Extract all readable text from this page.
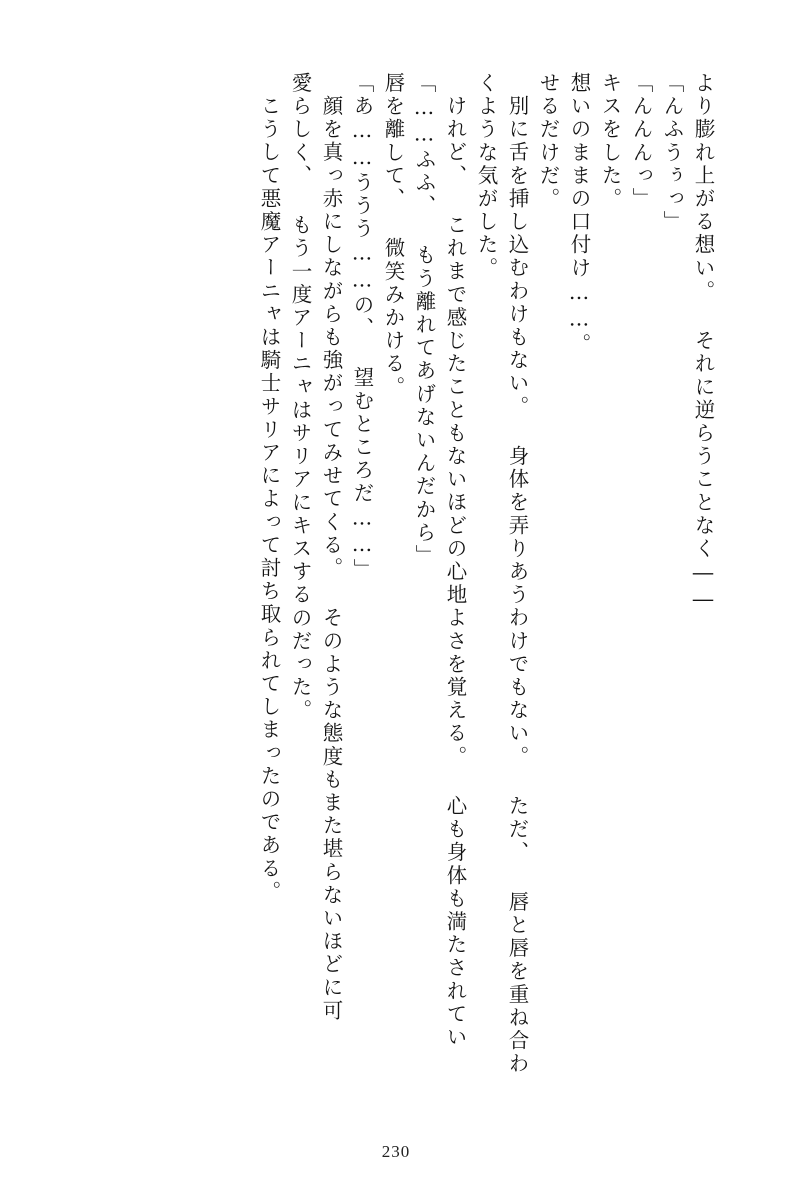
より膨れ上がる想い。 それに逆らうことなく――
「んふうぅっ」
「んんんっ」
キスをした。
想いのままの口付け……。
せるだけだ。
別に舌を挿し込むわけもない。 身体を弄りあうわけでもない。 ただ、 唇と唇を重ね合わ
くような気がした。
けれど、 これまで感じたこともないほどの心地よさを覚える。 心も身体も満たされてい
「……ふふ、 もう離れてあげないんだから」
唇を離して、 微笑みかける。
「あ……ううう……の、 望むところだ……」
顔を真っ赤にしながらも強がってみせてくる。 そのような態度もまた堪らないほどに可
愛らしく、 もう一度アーニャはサリアにキスするのだった。
こうして悪魔アーニャは騎士サリアによって討ち取られてしまったのである。
230
